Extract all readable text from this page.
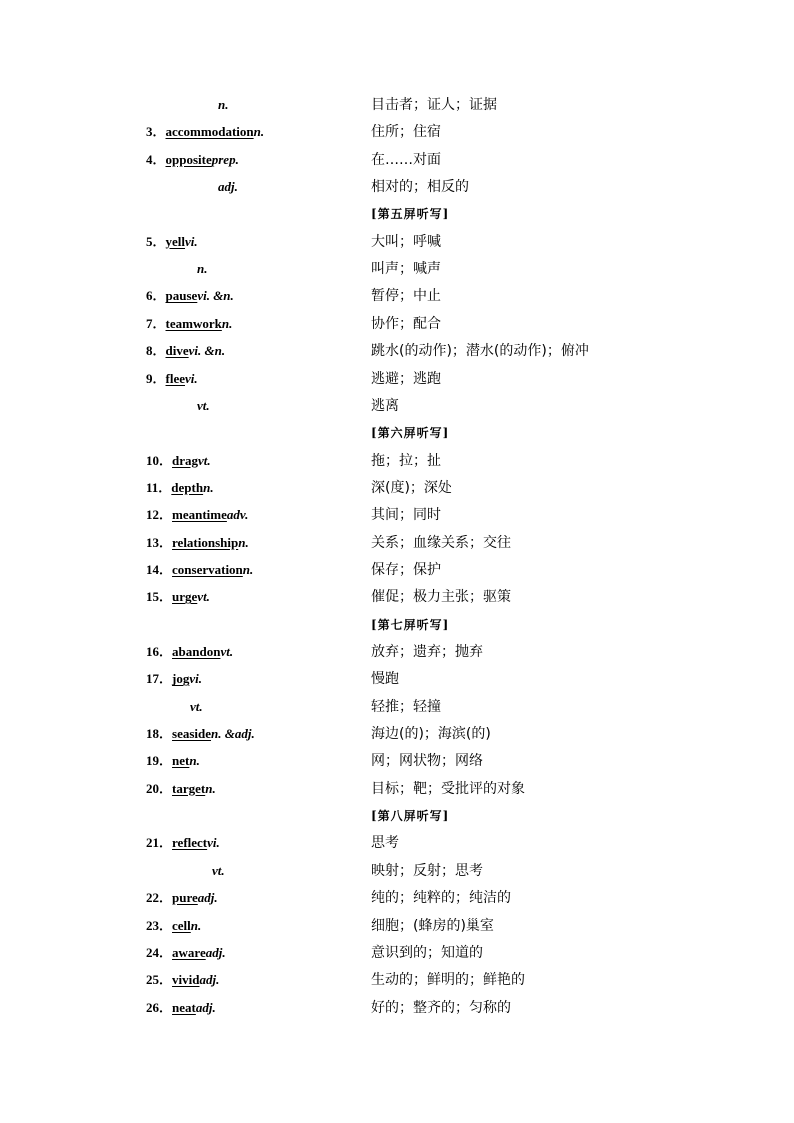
n.	目击者；证人；证据
3．accommodationn.	住所；住宿
4．oppositeprep.	在……对面
adj.	相对的；相反的
[第五屏听写]
5．yellvi.	大叫；呼喊
n.	叫声；喊声
6．pausevi. &n.	暂停；中止
7．teamworkn.	协作；配合
8．divevi. &n.	跳水(的动作)；潜水(的动作)；俯冲
9．fleevi.	逃避；逃跑
vt.	逃离
[第六屏听写]
10．dragvt.	拖；拉；扯
11．depthn.	深(度)；深处
12．meantimeadv.	其间；同时
13．relationshipn.	关系；血缘关系；交往
14．conservationn.	保存；保护
15．urgevt.	催促；极力主张；驱策
[第七屏听写]
16．abandonvt.	放弃；遗弃；抛弃
17．jogvi.	慢跑
vt.	轻推；轻撞
18．seasiden. &adj.	海边(的)；海滨(的)
19．netn.	网；网状物；网络
20．targetn.	目标；靶；受批评的对象
[第八屏听写]
21．reflectvi.	思考
vt.	映射；反射；思考
22．pureadj.	纯的；纯粹的；纯洁的
23．celln.	细胞；(蜂房的)巢室
24．awareadj.	意识到的；知道的
25．vividadj.	生动的；鲜明的；鲜艳的
26．neatadj.	好的；整齐的；匀称的
